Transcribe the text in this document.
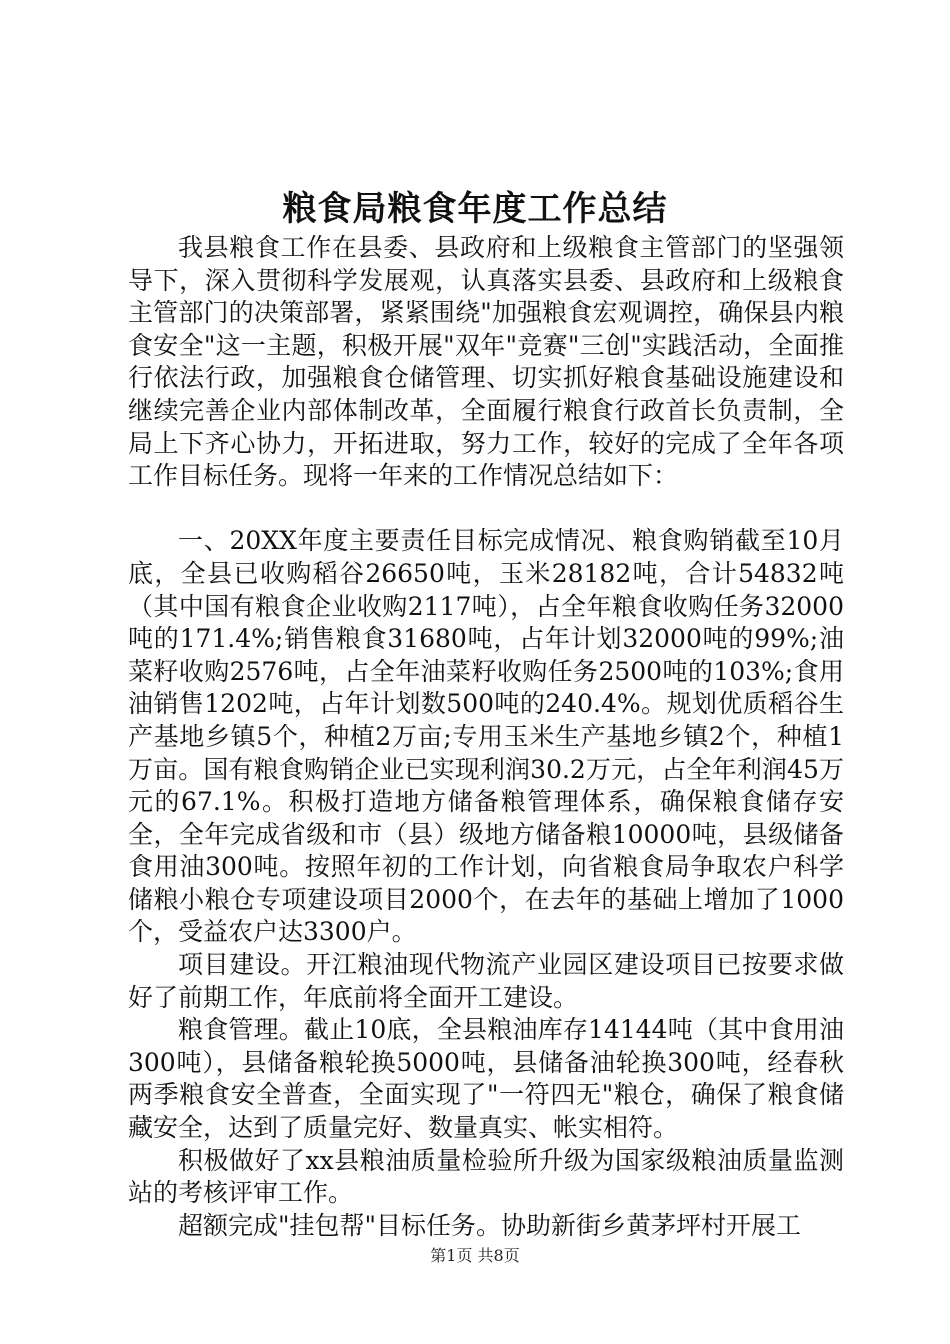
粮食局粮食年度工作总结

我县粮食工作在县委、县政府和上级粮食主管部门的坚强领导下，深入贯彻科学发展观，认真落实县委、县政府和上级粮食主管部门的决策部署，紧紧围绕"加强粮食宏观调控，确保县内粮食安全"这一主题，积极开展"双年"竞赛"三创"实践活动，全面推行依法行政，加强粮食仓储管理、切实抓好粮食基础设施建设和继续完善企业内部体制改革，全面履行粮食行政首长负责制，全局上下齐心协力，开拓进取，努力工作，较好的完成了全年各项工作目标任务。现将一年来的工作情况总结如下：

一、20XX年度主要责任目标完成情况、粮食购销截至10月底，全县已收购稻谷26650吨，玉米28182吨，合计54832吨（其中国有粮食企业收购2117吨），占全年粮食收购任务32000吨的171.4%;销售粮食31680吨，占年计划32000吨的99%;油菜籽收购2576吨，占全年油菜籽收购任务2500吨的103%;食用油销售1202吨，占年计划数500吨的240.4%。规划优质稻谷生产基地乡镇5个，种植2万亩;专用玉米生产基地乡镇2个，种植1万亩。国有粮食购销企业已实现利润30.2万元，占全年利润45万元的67.1%。积极打造地方储备粮管理体系，确保粮食储存安全，全年完成省级和市（县）级地方储备粮10000吨，县级储备食用油300吨。按照年初的工作计划，向省粮食局争取农户科学储粮小粮仓专项建设项目2000个，在去年的基础上增加了1000个，受益农户达3300户。

项目建设。开江粮油现代物流产业园区建设项目已按要求做好了前期工作，年底前将全面开工建设。

粮食管理。截止10底，全县粮油库存14144吨（其中食用油300吨），县储备粮轮换5000吨，县储备油轮换300吨，经春秋两季粮食安全普查，全面实现了"一符四无"粮仓，确保了粮食储藏安全，达到了质量完好、数量真实、帐实相符。

积极做好了xx县粮油质量检验所升级为国家级粮油质量监测站的考核评审工作。

超额完成"挂包帮"目标任务。协助新街乡黄茅坪村开展工

第1页 共8页
